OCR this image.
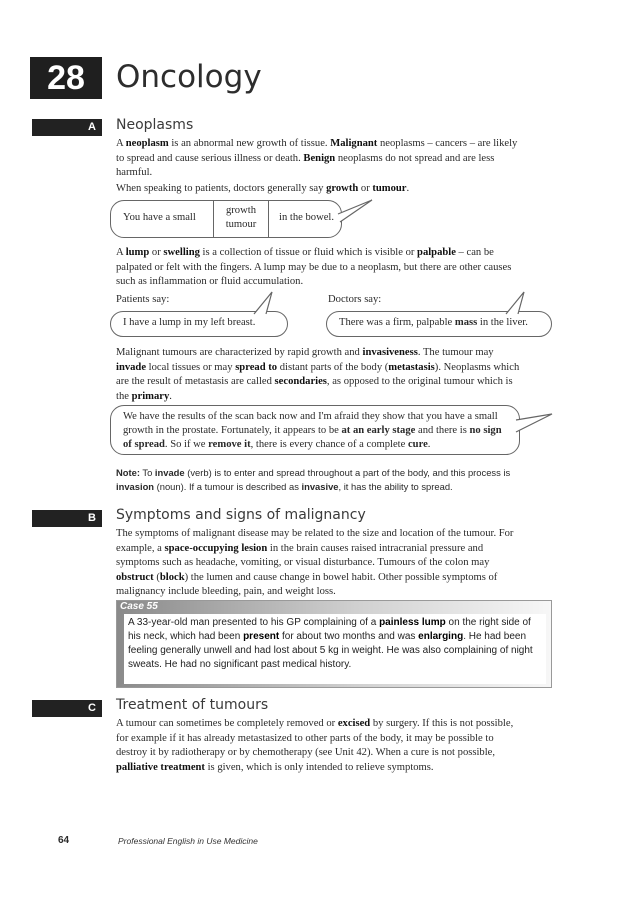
28	Oncology
A	Neoplasms
A neoplasm is an abnormal new growth of tissue. Malignant neoplasms – cancers – are likely to spread and cause serious illness or death. Benign neoplasms do not spread and are less harmful.
When speaking to patients, doctors generally say growth or tumour.
You have a small
growth
tumour
in the bowel.
A lump or swelling is a collection of tissue or fluid which is visible or palpable – can be palpated or felt with the fingers. A lump may be due to a neoplasm, but there are other causes such as inflammation or fluid accumulation.
Patients say:	Doctors say:
I have a lump in my left breast.	There was a firm, palpable mass in the liver.
Malignant tumours are characterized by rapid growth and invasiveness. The tumour may invade local tissues or may spread to distant parts of the body (metastasis). Neoplasms which are the result of metastasis are called secondaries, as opposed to the original tumour which is the primary.
We have the results of the scan back now and I'm afraid they show that you have a small growth in the prostate. Fortunately, it appears to be at an early stage and there is no sign of spread. So if we remove it, there is every chance of a complete cure.
Note: To invade (verb) is to enter and spread throughout a part of the body, and this process is invasion (noun). If a tumour is described as invasive, it has the ability to spread.
B	Symptoms and signs of malignancy
The symptoms of malignant disease may be related to the size and location of the tumour. For example, a space-occupying lesion in the brain causes raised intracranial pressure and symptoms such as headache, vomiting, or visual disturbance. Tumours of the colon may obstruct (block) the lumen and cause change in bowel habit. Other possible symptoms of malignancy include bleeding, pain, and weight loss.
Case 55
A 33-year-old man presented to his GP complaining of a painless lump on the right side of his neck, which had been present for about two months and was enlarging. He had been feeling generally unwell and had lost about 5 kg in weight. He was also complaining of night sweats. He had no significant past medical history.
C	Treatment of tumours
A tumour can sometimes be completely removed or excised by surgery. If this is not possible, for example if it has already metastasized to other parts of the body, it may be possible to destroy it by radiotherapy or by chemotherapy (see Unit 42). When a cure is not possible, palliative treatment is given, which is only intended to relieve symptoms.
64	Professional English in Use Medicine
